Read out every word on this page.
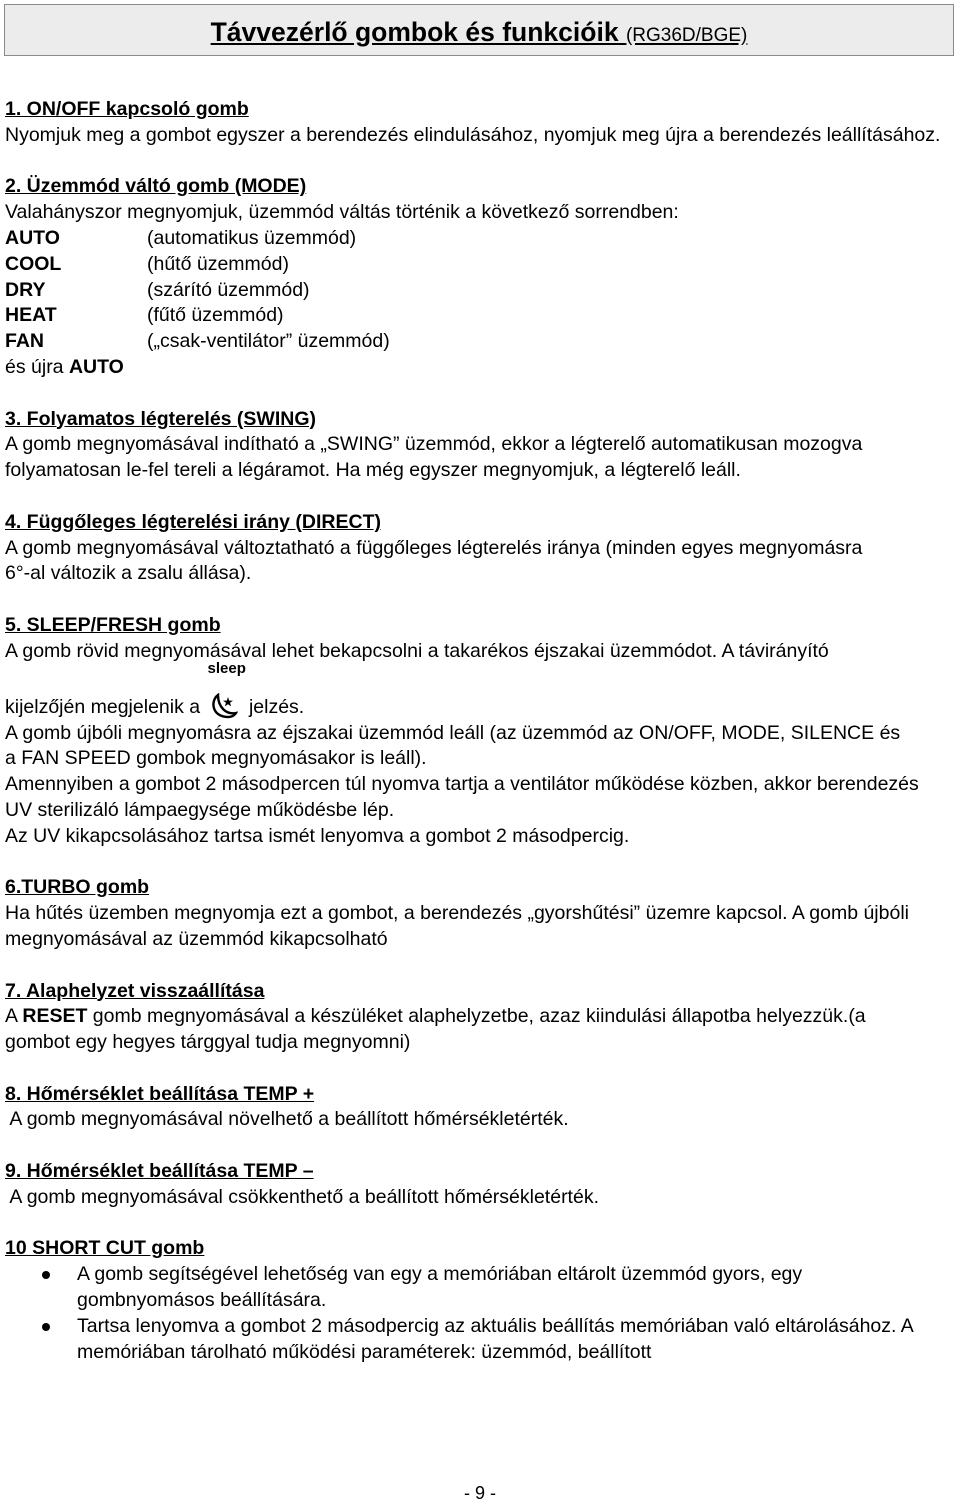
Távvezérlő gombok és funkcióik (RG36D/BGE)

1. ON/OFF kapcsoló gomb

Nyomjuk meg a gombot egyszer a berendezés elindulásához, nyomjuk meg újra a berendezés leállításához.

2. Üzemmód váltó gomb (MODE)

Valahányszor megnyomjuk, üzemmód váltás történik a következő sorrendben:

AUTO	(automatikus üzemmód)
COOL	(hűtő üzemmód)
DRY	(szárító üzemmód)
HEAT	(fűtő üzemmód)
FAN	(„csak-ventilátor” üzemmód)

és újra AUTO

3. Folyamatos légterelés (SWING)

A gomb megnyomásával indítható a „SWING” üzemmód, ekkor a légterelő automatikusan mozogva folyamatosan le-fel tereli a légáramot. Ha még egyszer megnyomjuk, a légterelő leáll.

4. Függőleges légterelési irány (DIRECT)

A gomb megnyomásával változtatható a függőleges légterelés iránya (minden egyes megnyomásra 6°-al változik a zsalu állása).

5. SLEEP/FRESH gomb

A gomb rövid megnyomásával lehet bekapcsolni a takarékos éjszakai üzemmódot. A távirányító

kijelzőjén megjelenik a
sleep
jelzés.

A gomb újbóli megnyomásra az éjszakai üzemmód leáll (az üzemmód az ON/OFF, MODE, SILENCE és a FAN SPEED gombok megnyomásakor is leáll).

Amennyiben a gombot 2 másodpercen túl nyomva tartja a ventilátor működése közben, akkor berendezés UV sterilizáló lámpaegysége működésbe lép.

Az UV kikapcsolásához tartsa ismét lenyomva a gombot 2 másodpercig.

6.TURBO gomb

Ha hűtés üzemben megnyomja ezt a gombot, a berendezés „gyorshűtési” üzemre kapcsol. A gomb újbóli megnyomásával az üzemmód kikapcsolható

7. Alaphelyzet visszaállítása

A RESET gomb megnyomásával a készüléket alaphelyzetbe, azaz kiindulási állapotba helyezzük.(a gombot egy hegyes tárggyal tudja megnyomni)

8. Hőmérséklet beállítása TEMP +

A gomb megnyomásával növelhető a beállított hőmérsékletérték.

9. Hőmérséklet beállítása TEMP –

A gomb megnyomásával csökkenthető a beállított hőmérsékletérték.

10 SHORT CUT gomb

A gomb segítségével lehetőség van egy a memóriában eltárolt üzemmód gyors, egy gombnyomásos beállítására.
Tartsa lenyomva a gombot 2 másodpercig az aktuális beállítás memóriában való eltárolásához. A memóriában tárolható működési paraméterek: üzemmód, beállított
- 9 -
